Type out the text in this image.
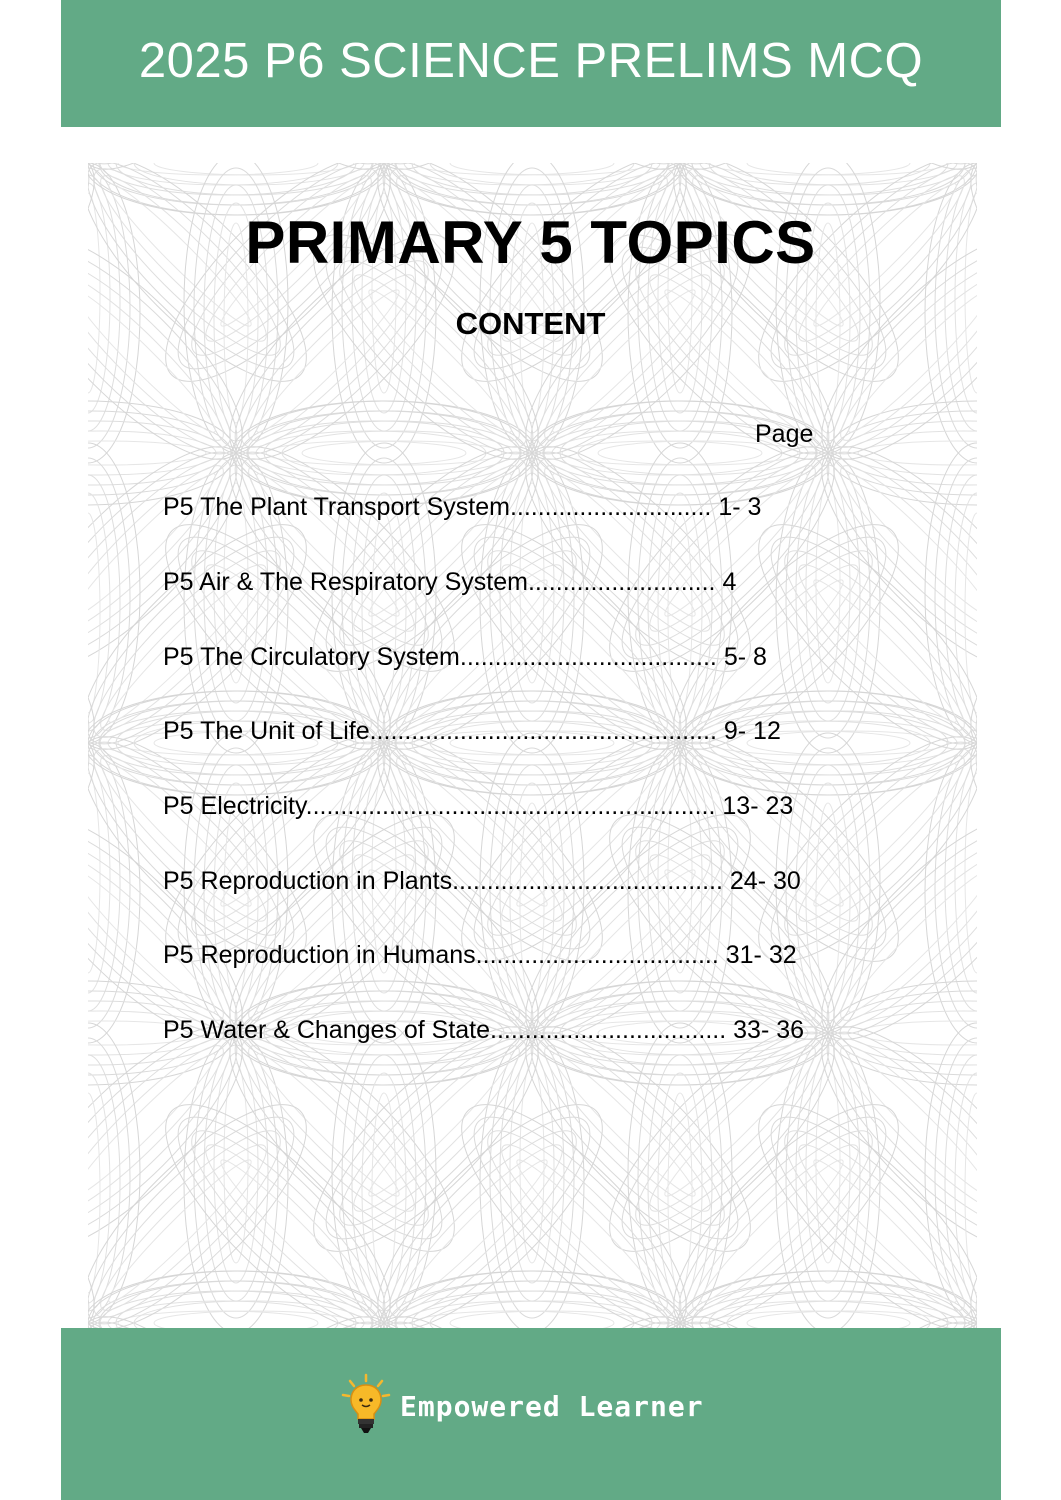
2025 P6 SCIENCE PRELIMS MCQ
PRIMARY 5 TOPICS
CONTENT
Page
P5 The Plant Transport System............................. 1- 3
P5 Air & The Respiratory System........................... 4
P5 The Circulatory System..................................... 5- 8
P5 The Unit of Life.................................................. 9- 12
P5 Electricity........................................................... 13- 23
P5 Reproduction in Plants....................................... 24- 30
P5 Reproduction in Humans................................... 31- 32
P5 Water & Changes of State.................................. 33- 36
Empowered Learner
